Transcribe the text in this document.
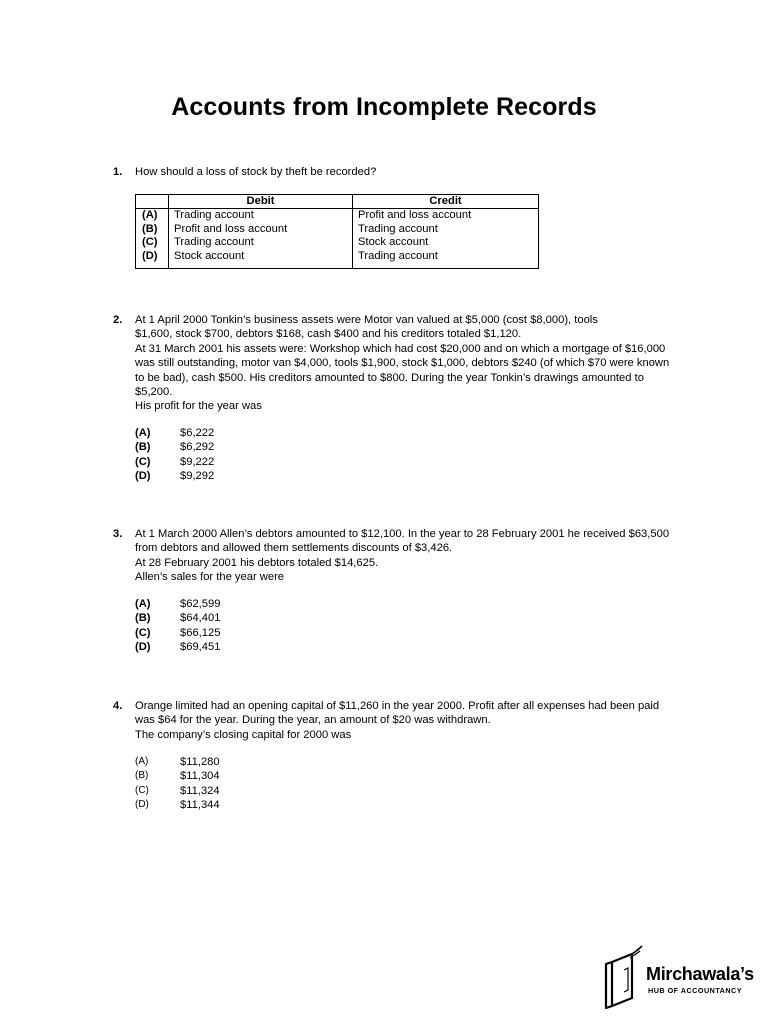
Accounts from Incomplete Records
1. How should a loss of stock by theft be recorded?
	Debit	Credit
(A)	Trading account	Profit and loss account
(B)	Profit and loss account	Trading account
(C)	Trading account	Stock account
(D)	Stock account	Trading account
2. At 1 April 2000 Tonkin’s business assets were Motor van valued at $5,000 (cost $8,000), tools
$1,600, stock $700, debtors $168, cash $400 and his creditors totaled $1,120.
At 31 March 2001 his assets were: Workshop which had cost $20,000 and on which a mortgage of $16,000
was still outstanding, motor van $4,000, tools $1,900, stock $1,000, debtors $240 (of which $70 were known
to be bad), cash $500. His creditors amounted to $800. During the year Tonkin’s drawings amounted to
$5,200.
His profit for the year was
(A)	$6,222
(B)	$6,292
(C)	$9,222
(D)	$9,292
3. At 1 March 2000 Allen’s debtors amounted to $12,100. In the year to 28 February 2001 he received $63,500
from debtors and allowed them settlements discounts of $3,426.
At 28 February 2001 his debtors totaled $14,625.
Allen’s sales for the year were
(A)	$62,599
(B)	$64,401
(C)	$66,125
(D)	$69,451
4. Orange limited had an opening capital of $11,260 in the year 2000. Profit after all expenses had been paid
was $64 for the year. During the year, an amount of $20 was withdrawn.
The company’s closing capital for 2000 was
(A)	$11,280
(B)	$11,304
(C)	$11,324
(D)	$11,344
Mirchawala’s
HUB OF ACCOUNTANCY
